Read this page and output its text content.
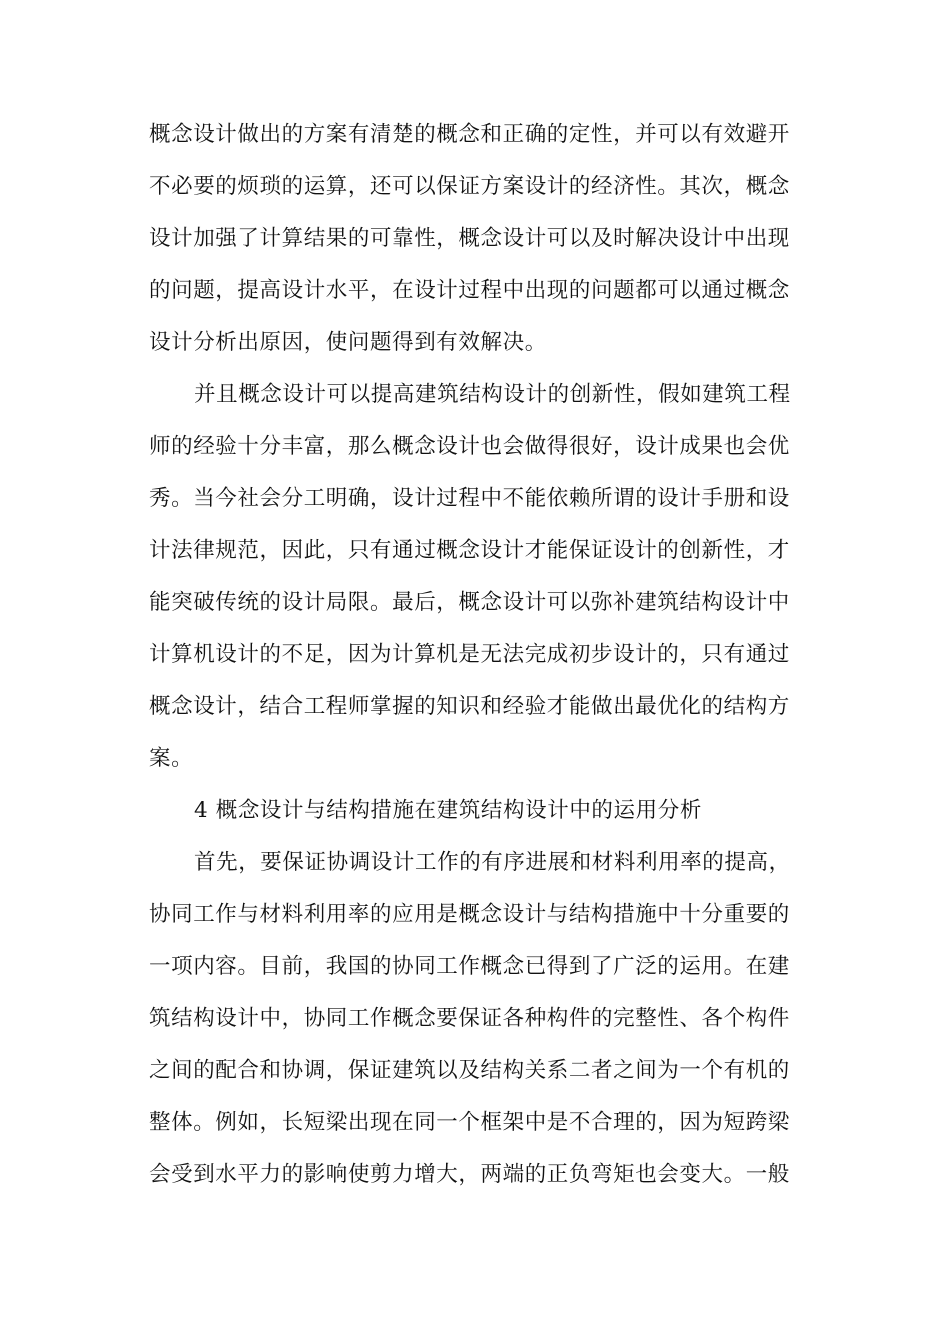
概念设计做出的方案有清楚的概念和正确的定性，并可以有效避开
不必要的烦琐的运算，还可以保证方案设计的经济性。其次，概念
设计加强了计算结果的可靠性，概念设计可以及时解决设计中出现
的问题，提高设计水平，在设计过程中出现的问题都可以通过概念
设计分析出原因，使问题得到有效解决。
并且概念设计可以提高建筑结构设计的创新性，假如建筑工程
师的经验十分丰富，那么概念设计也会做得很好，设计成果也会优
秀。当今社会分工明确，设计过程中不能依赖所谓的设计手册和设
计法律规范，因此，只有通过概念设计才能保证设计的创新性，才
能突破传统的设计局限。最后，概念设计可以弥补建筑结构设计中
计算机设计的不足，因为计算机是无法完成初步设计的，只有通过
概念设计，结合工程师掌握的知识和经验才能做出最优化的结构方
案。
4 概念设计与结构措施在建筑结构设计中的运用分析
首先，要保证协调设计工作的有序进展和材料利用率的提高，
协同工作与材料利用率的应用是概念设计与结构措施中十分重要的
一项内容。目前，我国的协同工作概念已得到了广泛的运用。在建
筑结构设计中，协同工作概念要保证各种构件的完整性、各个构件
之间的配合和协调，保证建筑以及结构关系二者之间为一个有机的
整体。例如，长短梁出现在同一个框架中是不合理的，因为短跨梁
会受到水平力的影响使剪力增大，两端的正负弯矩也会变大。一般
